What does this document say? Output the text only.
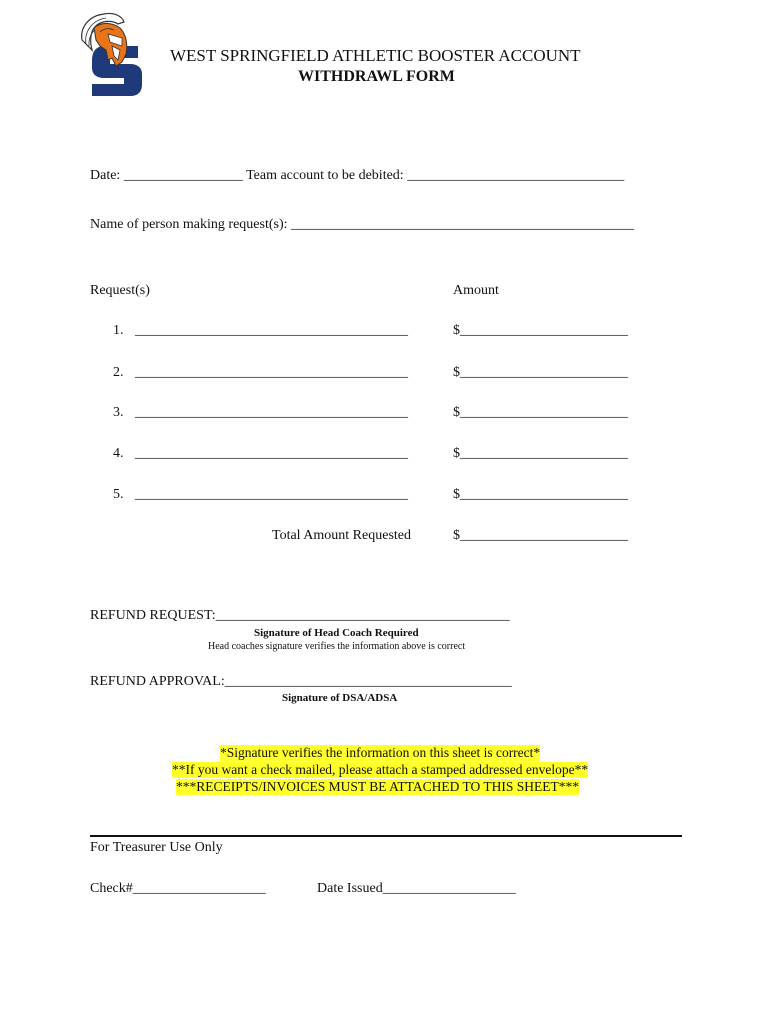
WEST SPRINGFIELD ATHLETIC BOOSTER ACCOUNT
WITHDRAWL FORM
Date: _________________ Team account to be debited: _______________________________
Name of person making request(s): _________________________________________________
Request(s)	Amount
1. _______________________________________	$________________________
2. _______________________________________	$________________________
3. _______________________________________	$________________________
4. _______________________________________	$________________________
5. _______________________________________	$________________________
Total Amount Requested	$________________________
REFUND REQUEST:__________________________________________
Signature of Head Coach Required
Head coaches signature verifies the information above is correct
REFUND APPROVAL:_________________________________________
Signature of DSA/ADSA
*Signature verifies the information on this sheet is correct*
**If you want a check mailed, please attach a stamped addressed envelope**
***RECEIPTS/INVOICES MUST BE ATTACHED TO THIS SHEET***
For Treasurer Use Only
Check#___________________	Date Issued___________________
